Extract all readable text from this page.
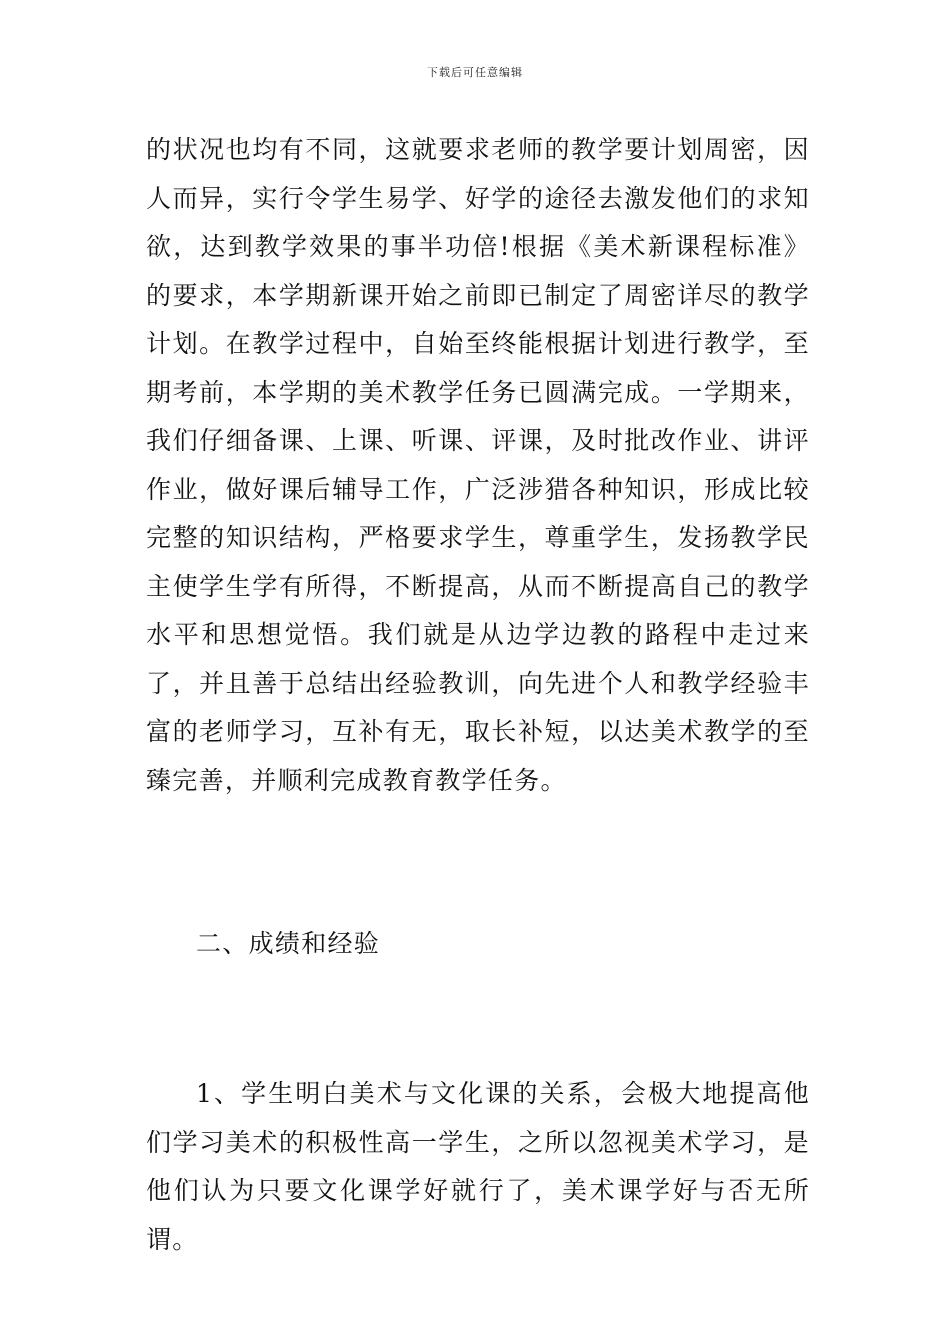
下载后可任意编辑

的状况也均有不同，这就要求老师的教学要计划周密，因人而异，实行令学生易学、好学的途径去激发他们的求知欲，达到教学效果的事半功倍!根据《美术新课程标准》的要求，本学期新课开始之前即已制定了周密详尽的教学计划。在教学过程中，自始至终能根据计划进行教学，至期考前，本学期的美术教学任务已圆满完成。一学期来，我们仔细备课、上课、听课、评课，及时批改作业、讲评作业，做好课后辅导工作，广泛涉猎各种知识，形成比较完整的知识结构，严格要求学生，尊重学生，发扬教学民主使学生学有所得，不断提高，从而不断提高自己的教学水平和思想觉悟。我们就是从边学边教的路程中走过来了，并且善于总结出经验教训，向先进个人和教学经验丰富的老师学习，互补有无，取长补短，以达美术教学的至臻完善，并顺利完成教育教学任务。

二、成绩和经验

1、学生明白美术与文化课的关系，会极大地提高他们学习美术的积极性高一学生，之所以忽视美术学习，是他们认为只要文化课学好就行了，美术课学好与否无所谓。
